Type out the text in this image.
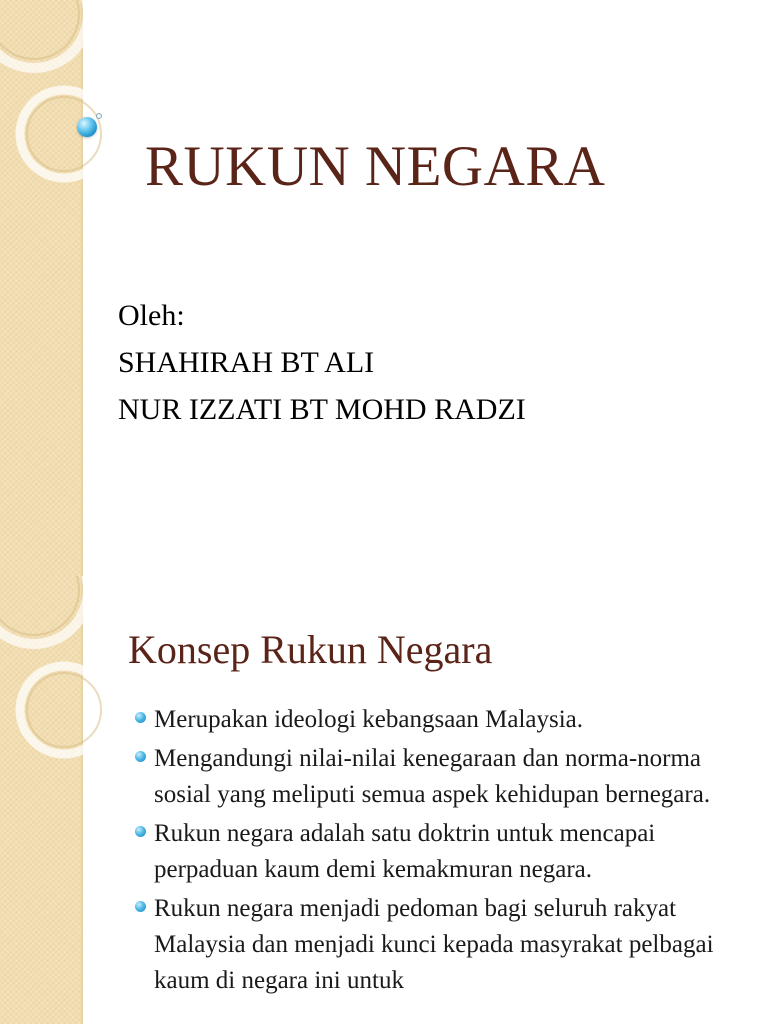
RUKUN NEGARA
Oleh:
SHAHIRAH BT ALI
NUR IZZATI BT MOHD RADZI
Konsep Rukun Negara
Merupakan ideologi kebangsaan Malaysia.
Mengandungi nilai-nilai kenegaraan dan norma-norma sosial yang meliputi semua aspek kehidupan bernegara.
Rukun negara adalah satu doktrin untuk mencapai perpaduan kaum demi kemakmuran negara.
Rukun negara menjadi pedoman bagi seluruh rakyat Malaysia dan menjadi kunci kepada masyrakat pelbagai kaum di negara ini untuk
